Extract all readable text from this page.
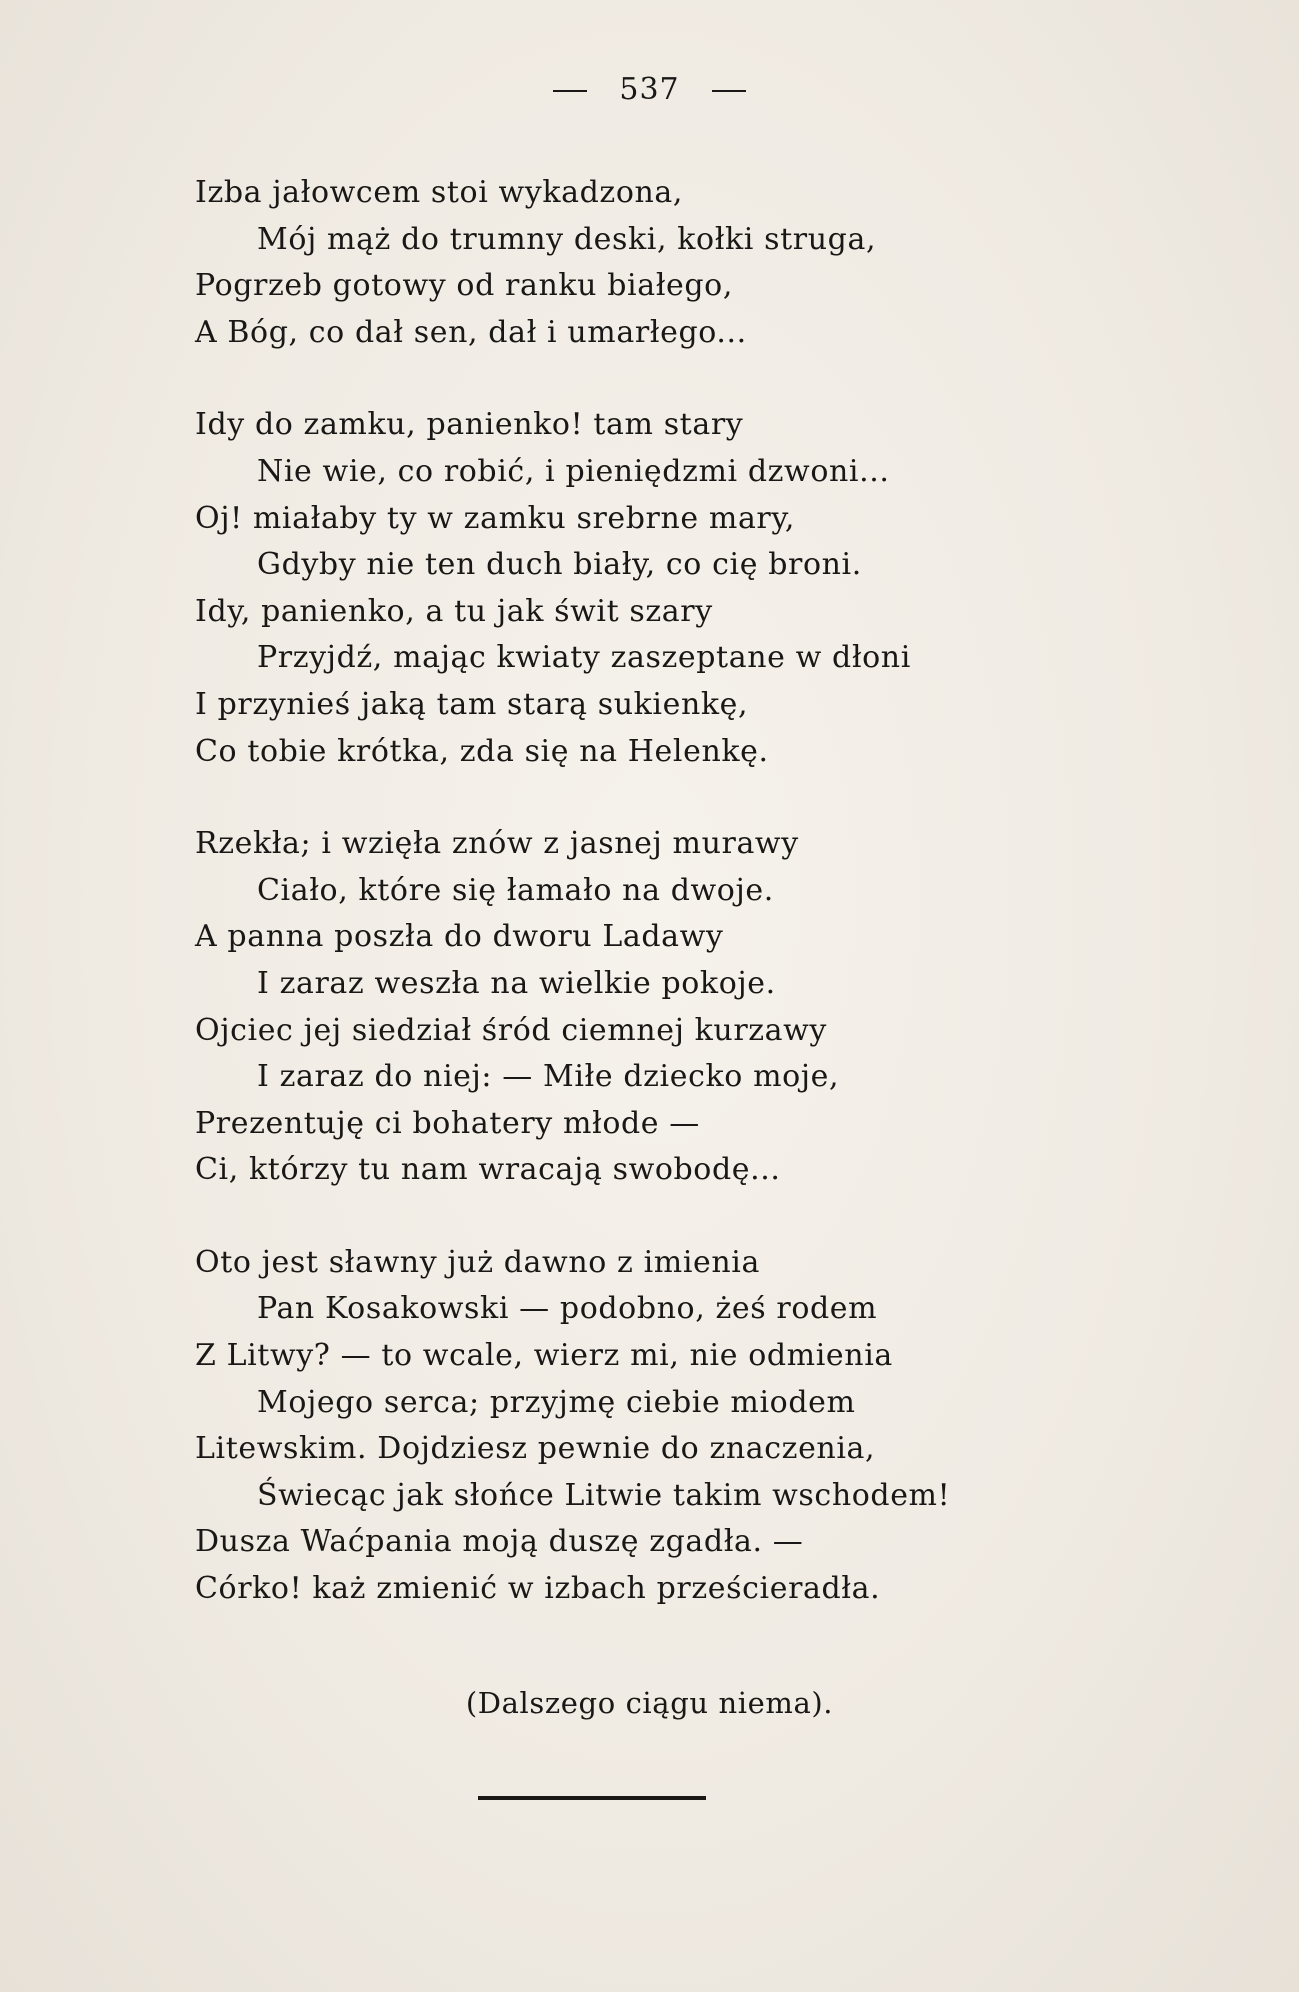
537
Izba jałowcem stoi wykadzona,
Mój mąż do trumny deski, kołki struga,
Pogrzeb gotowy od ranku białego,
A Bóg, co dał sen, dał i umarłego...
Idy do zamku, panienko! tam stary
Nie wie, co robić, i pieniędzmi dzwoni...
Oj! miałaby ty w zamku srebrne mary,
Gdyby nie ten duch biały, co cię broni.
Idy, panienko, a tu jak świt szary
Przyjdź, mając kwiaty zaszeptane w dłoni
I przynieś jaką tam starą sukienkę,
Co tobie krótka, zda się na Helenkę.
Rzekła; i wzięła znów z jasnej murawy
Ciało, które się łamało na dwoje.
A panna poszła do dworu Ladawy
I zaraz weszła na wielkie pokoje.
Ojciec jej siedział śród ciemnej kurzawy
I zaraz do niej: — Miłe dziecko moje,
Prezentuję ci bohatery młode —
Ci, którzy tu nam wracają swobodę...
Oto jest sławny już dawno z imienia
Pan Kosakowski — podobno, żeś rodem
Z Litwy? — to wcale, wierz mi, nie odmienia
Mojego serca; przyjmę ciebie miodem
Litewskim. Dojdziesz pewnie do znaczenia,
Świecąc jak słońce Litwie takim wschodem!
Dusza Waćpania moją duszę zgadła. —
Córko! każ zmienić w izbach prześcieradła.
(Dalszego ciągu niema).
